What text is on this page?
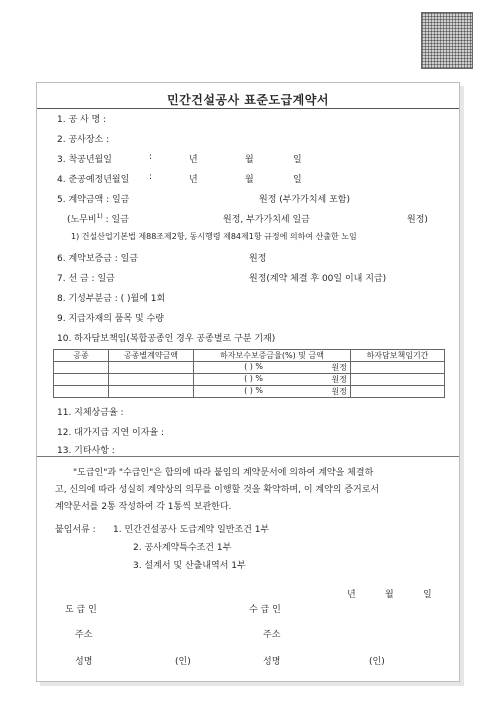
민간건설공사 표준도급계약서
1. 공 사 명 :
2. 공사장소 :
3. 착공년월일	:	년	월	일
4. 준공예정년월일 :	년	월	일
5. 계약금액 : 일금	원정 (부가가치세 포함)
(노무비$^{1)}$ : 일금	원정, 부가가치세 일금	원정)
1) 건설산업기본법 제88조제2항, 동시행령 제84제1항 규정에 의하여 산출한 노임
6. 계약보증금 : 일금	원정
7. 선 금 : 일금	원정(계약 체결 후 00일 이내 지급)
8. 기성부분금 : ( )월에 1회
9. 지급자재의 품목 및 수량
10. 하자담보책임(복합공종인 경우 공종별로 구분 기재)
공종	공종별계약금액	하자보수보증금율(%) 및 금액	하자담보책임기간

		( ) % 원정	

		( ) % 원정	

		( ) % 원정	
11. 지체상금율 :
12. 대가지급 지연 이자율 :
13. 기타사항 :
"도급인"과 "수급인"은 합의에 따라 붙임의 계약문서에 의하여 계약을 체결하
고, 신의에 따라 성실히 계약상의 의무를 이행할 것을 확약하며, 이 계약의 증거로서
계약문서를 2통 작성하여 각 1통씩 보관한다.
붙임서류 : 1. 민간건설공사 도급계약 일반조건 1부
2. 공사계약특수조건 1부
3. 설계서 및 산출내역서 1부
년	월	일
도 급 인	수 급 인
주소	주소
성명	(인)	성명	(인)
